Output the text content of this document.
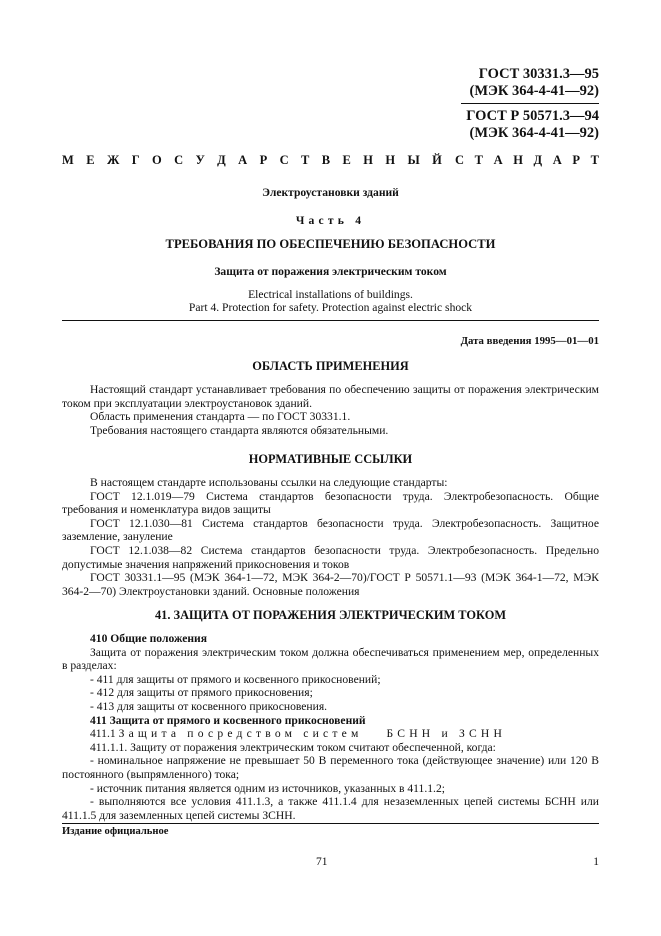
ГОСТ 30331.3—95
(МЭК 364-4-41—92)
ГОСТ Р 50571.3—94
(МЭК 364-4-41—92)
М Е Ж Г О С У Д А Р С Т В Е Н Н Ы Й С Т А Н Д А Р Т
Электроустановки зданий
Часть 4
ТРЕБОВАНИЯ ПО ОБЕСПЕЧЕНИЮ БЕЗОПАСНОСТИ
Защита от поражения электрическим током
Electrical installations of buildings.
Part 4. Protection for safety. Protection against electric shock
Дата введения 1995—01—01
ОБЛАСТЬ ПРИМЕНЕНИЯ

Настоящий стандарт устанавливает требования по обеспечению защиты от поражения электрическим током при эксплуатации электроустановок зданий.

Область применения стандарта — по ГОСТ 30331.1.

Требования настоящего стандарта являются обязательными.

НОРМАТИВНЫЕ ССЫЛКИ

В настоящем стандарте использованы ссылки на следующие стандарты:

ГОСТ 12.1.019—79 Система стандартов безопасности труда. Электробезопасность. Общие требования и номенклатура видов защиты

ГОСТ 12.1.030—81 Система стандартов безопасности труда. Электробезопасность. Защитное заземление, зануление

ГОСТ 12.1.038—82 Система стандартов безопасности труда. Электробезопасность. Предельно допустимые значения напряжений прикосновения и токов

ГОСТ 30331.1—95 (МЭК 364-1—72, МЭК 364-2—70)/ГОСТ Р 50571.1—93 (МЭК 364-1—72, МЭК 364-2—70) Электроустановки зданий. Основные положения

41. ЗАЩИТА ОТ ПОРАЖЕНИЯ ЭЛЕКТРИЧЕСКИМ ТОКОМ

410 Общие положения

Защита от поражения электрическим током должна обеспечиваться применением мер, определенных в разделах:

- 411 для защиты от прямого и косвенного прикосновений;

- 412 для защиты от прямого прикосновения;

- 413 для защиты от косвенного прикосновения.

411 Защита от прямого и косвенного прикосновений

411.1 Защита посредством систем БСНН и ЗСНН

411.1.1. Защиту от поражения электрическим током считают обеспеченной, когда:

- номинальное напряжение не превышает 50 В переменного тока (действующее значение) или 120 В постоянного (выпрямленного) тока;

- источник питания является одним из источников, указанных в 411.1.2;

- выполняются все условия 411.1.3, а также 411.1.4 для незаземленных цепей системы БСНН или 411.1.5 для заземленных цепей системы ЗСНН.

Издание официальное
71	1
